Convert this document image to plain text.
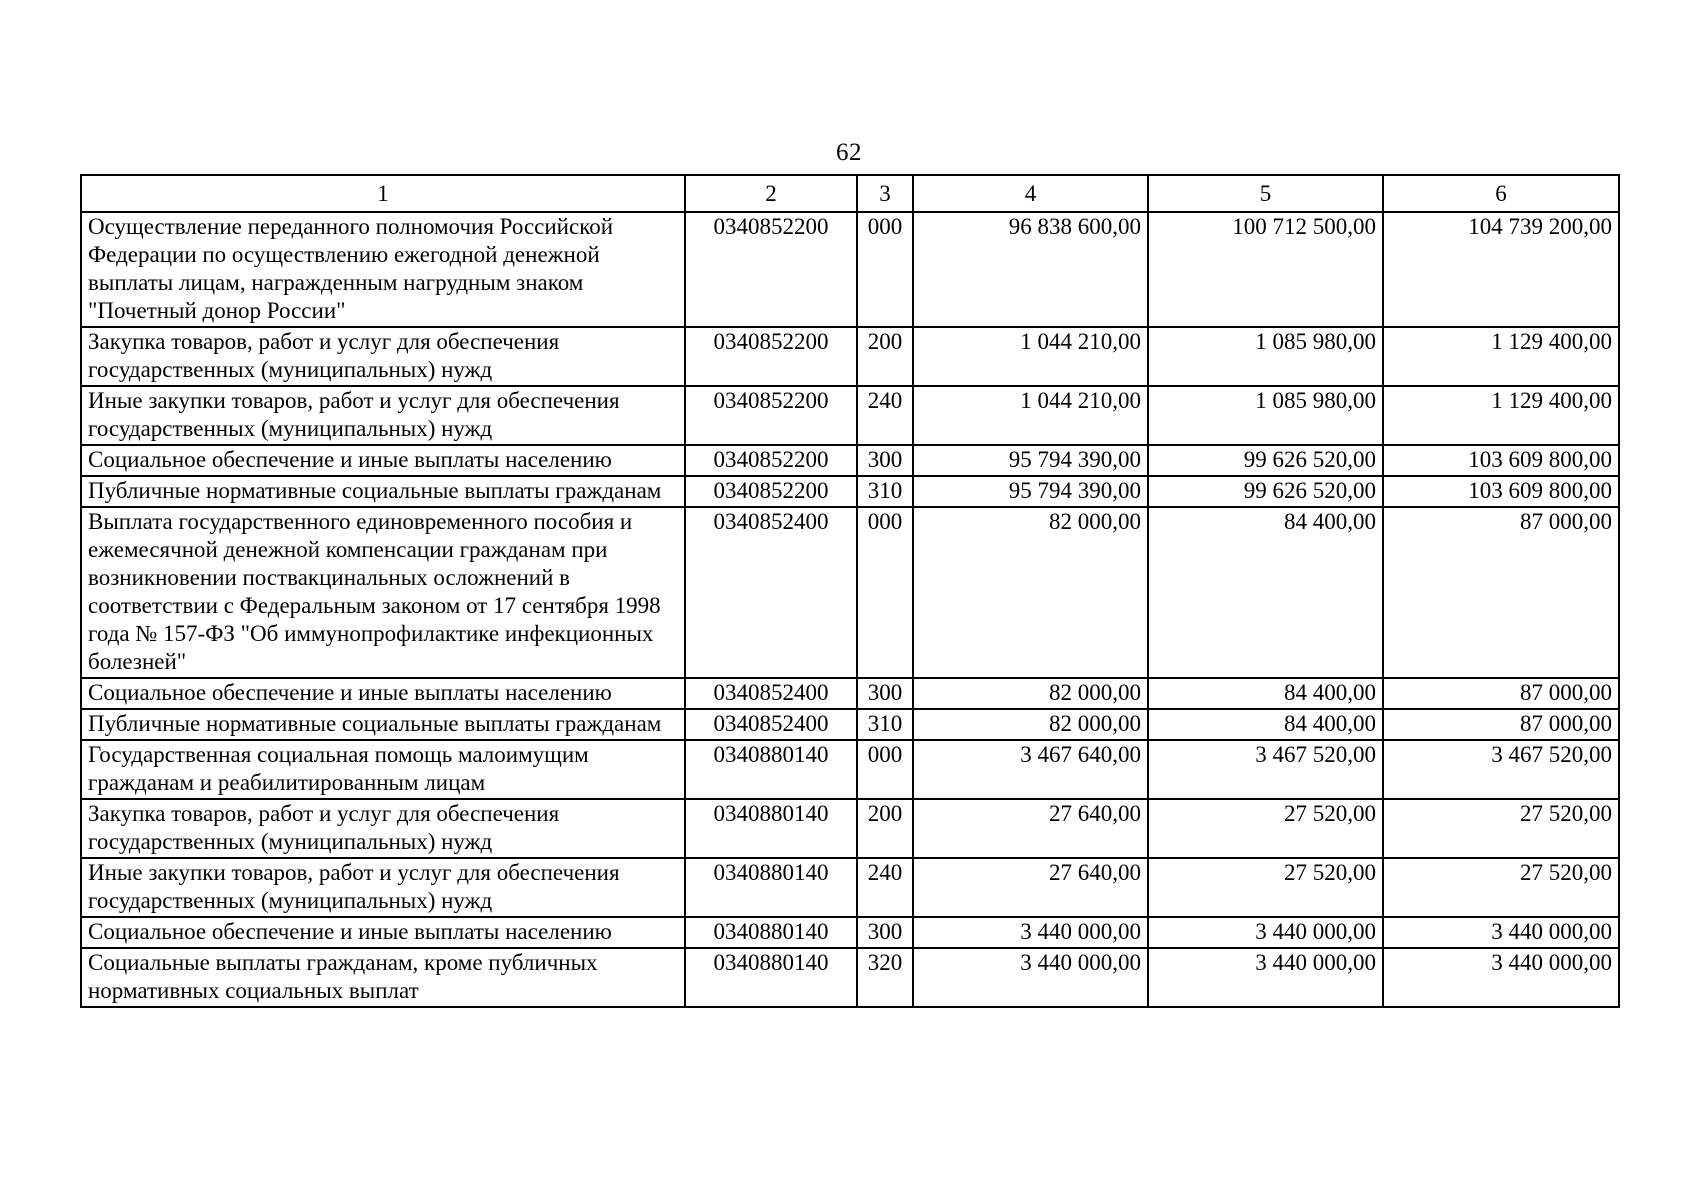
62
1	2	3	4	5	6
Осуществление переданного полномочия Российской Федерации по осуществлению ежегодной денежной выплаты лицам, награжденным нагрудным знаком "Почетный донор России"	0340852200	000	96 838 600,00	100 712 500,00	104 739 200,00
Закупка товаров, работ и услуг для обеспечения государственных (муниципальных) нужд	0340852200	200	1 044 210,00	1 085 980,00	1 129 400,00
Иные закупки товаров, работ и услуг для обеспечения государственных (муниципальных) нужд	0340852200	240	1 044 210,00	1 085 980,00	1 129 400,00
Социальное обеспечение и иные выплаты населению	0340852200	300	95 794 390,00	99 626 520,00	103 609 800,00
Публичные нормативные социальные выплаты гражданам	0340852200	310	95 794 390,00	99 626 520,00	103 609 800,00
Выплата государственного единовременного пособия и ежемесячной денежной компенсации гражданам при возникновении поствакцинальных осложнений в соответствии с Федеральным законом от 17 сентября 1998 года № 157-ФЗ "Об иммунопрофилактике инфекционных болезней"	0340852400	000	82 000,00	84 400,00	87 000,00
Социальное обеспечение и иные выплаты населению	0340852400	300	82 000,00	84 400,00	87 000,00
Публичные нормативные социальные выплаты гражданам	0340852400	310	82 000,00	84 400,00	87 000,00
Государственная социальная помощь малоимущим гражданам и реабилитированным лицам	0340880140	000	3 467 640,00	3 467 520,00	3 467 520,00
Закупка товаров, работ и услуг для обеспечения государственных (муниципальных) нужд	0340880140	200	27 640,00	27 520,00	27 520,00
Иные закупки товаров, работ и услуг для обеспечения государственных (муниципальных) нужд	0340880140	240	27 640,00	27 520,00	27 520,00
Социальное обеспечение и иные выплаты населению	0340880140	300	3 440 000,00	3 440 000,00	3 440 000,00
Социальные выплаты гражданам, кроме публичных нормативных социальных выплат	0340880140	320	3 440 000,00	3 440 000,00	3 440 000,00
